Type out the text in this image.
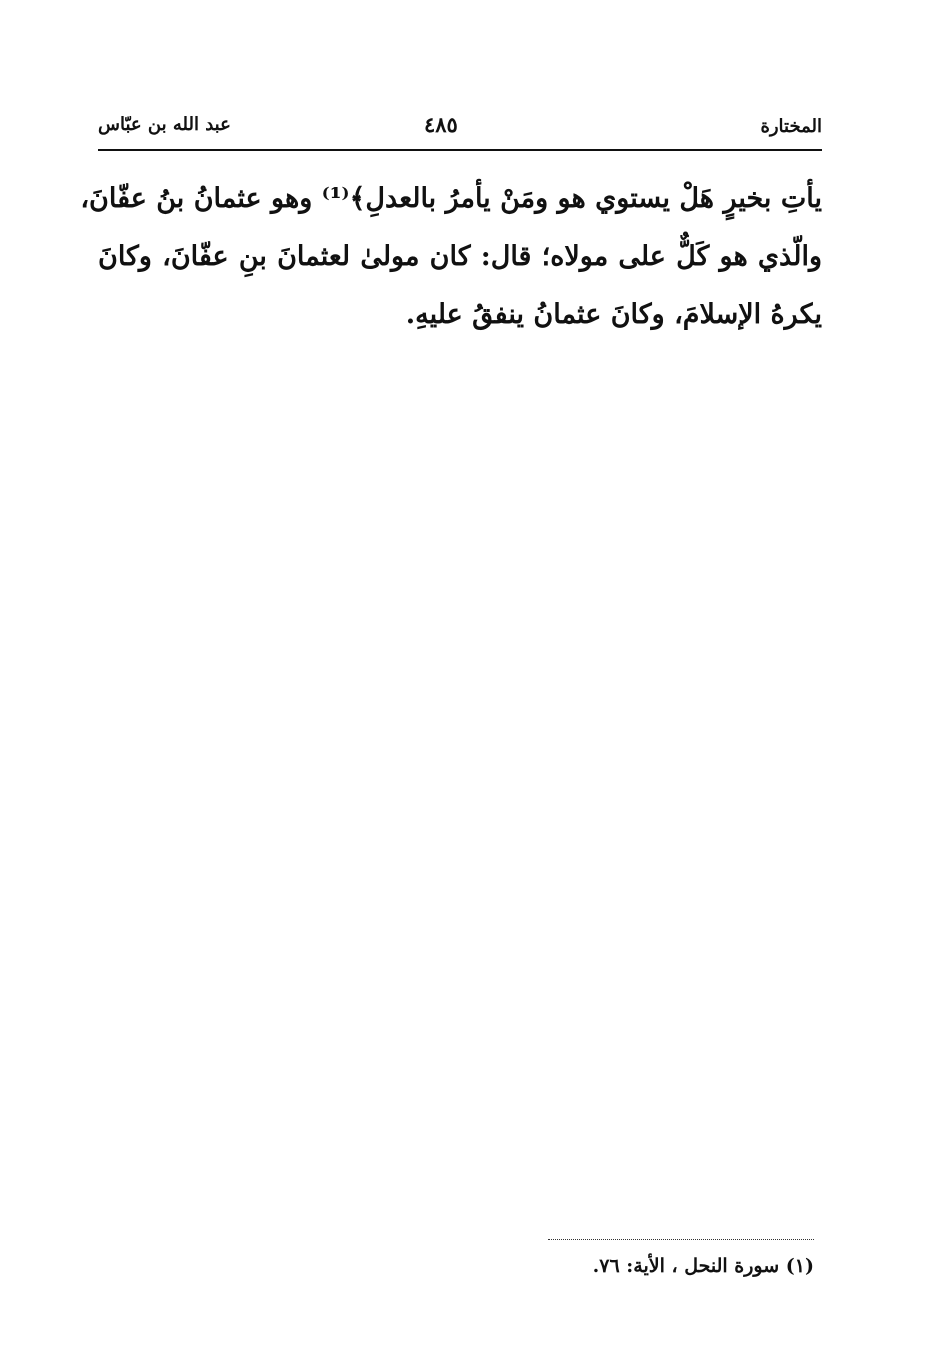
المختارة
٤٨٥
عبد الله بن عبّاس
يأتِ بخيرٍ هَلْ يستوي هو ومَنْ يأمرُ بالعدلِ﴾⁽¹⁾ وهو عثمانُ بنُ عفّانَ،
والّذي هو كَلٌّ على مولاه؛ قال: كان مولىٰ لعثمانَ بنِ عفّانَ، وكانَ
يكرهُ الإسلامَ، وكانَ عثمانُ ينفقُ عليهِ.
(١) سورة النحل ، الأية: ٧٦.
